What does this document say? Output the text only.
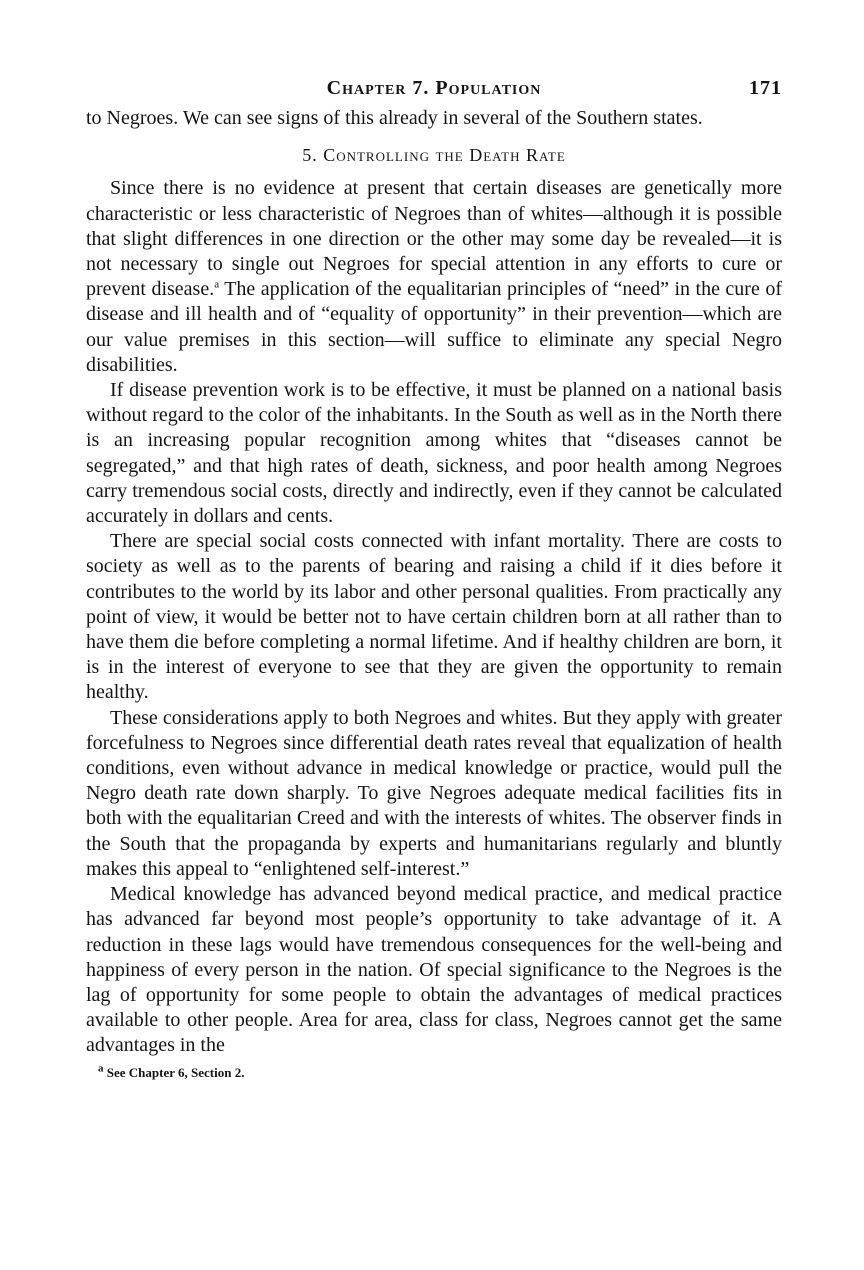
Chapter 7. Population	171

to Negroes. We can see signs of this already in several of the Southern states.

5. Controlling the Death Rate

Since there is no evidence at present that certain diseases are genetically more characteristic or less characteristic of Negroes than of whites—although it is possible that slight differences in one direction or the other may some day be revealed—it is not necessary to single out Negroes for special attention in any efforts to cure or prevent disease.$^a$ The application of the equalitarian principles of “need” in the cure of disease and ill health and of “equality of opportunity” in their prevention—which are our value premises in this section—will suffice to eliminate any special Negro disabilities.

If disease prevention work is to be effective, it must be planned on a national basis without regard to the color of the inhabitants. In the South as well as in the North there is an increasing popular recognition among whites that “diseases cannot be segregated,” and that high rates of death, sickness, and poor health among Negroes carry tremendous social costs, directly and indirectly, even if they cannot be calculated accurately in dollars and cents.

There are special social costs connected with infant mortality. There are costs to society as well as to the parents of bearing and raising a child if it dies before it contributes to the world by its labor and other personal qualities. From practically any point of view, it would be better not to have certain children born at all rather than to have them die before completing a normal lifetime. And if healthy children are born, it is in the interest of everyone to see that they are given the opportunity to remain healthy.

These considerations apply to both Negroes and whites. But they apply with greater forcefulness to Negroes since differential death rates reveal that equalization of health conditions, even without advance in medical knowledge or practice, would pull the Negro death rate down sharply. To give Negroes adequate medical facilities fits in both with the equalitarian Creed and with the interests of whites. The observer finds in the South that the propaganda by experts and humanitarians regularly and bluntly makes this appeal to “enlightened self-interest.”

Medical knowledge has advanced beyond medical practice, and medical practice has advanced far beyond most people’s opportunity to take advantage of it. A reduction in these lags would have tremendous consequences for the well-being and happiness of every person in the nation. Of special significance to the Negroes is the lag of opportunity for some people to obtain the advantages of medical practices available to other people. Area for area, class for class, Negroes cannot get the same advantages in the

$^a$ See Chapter 6, Section 2.
